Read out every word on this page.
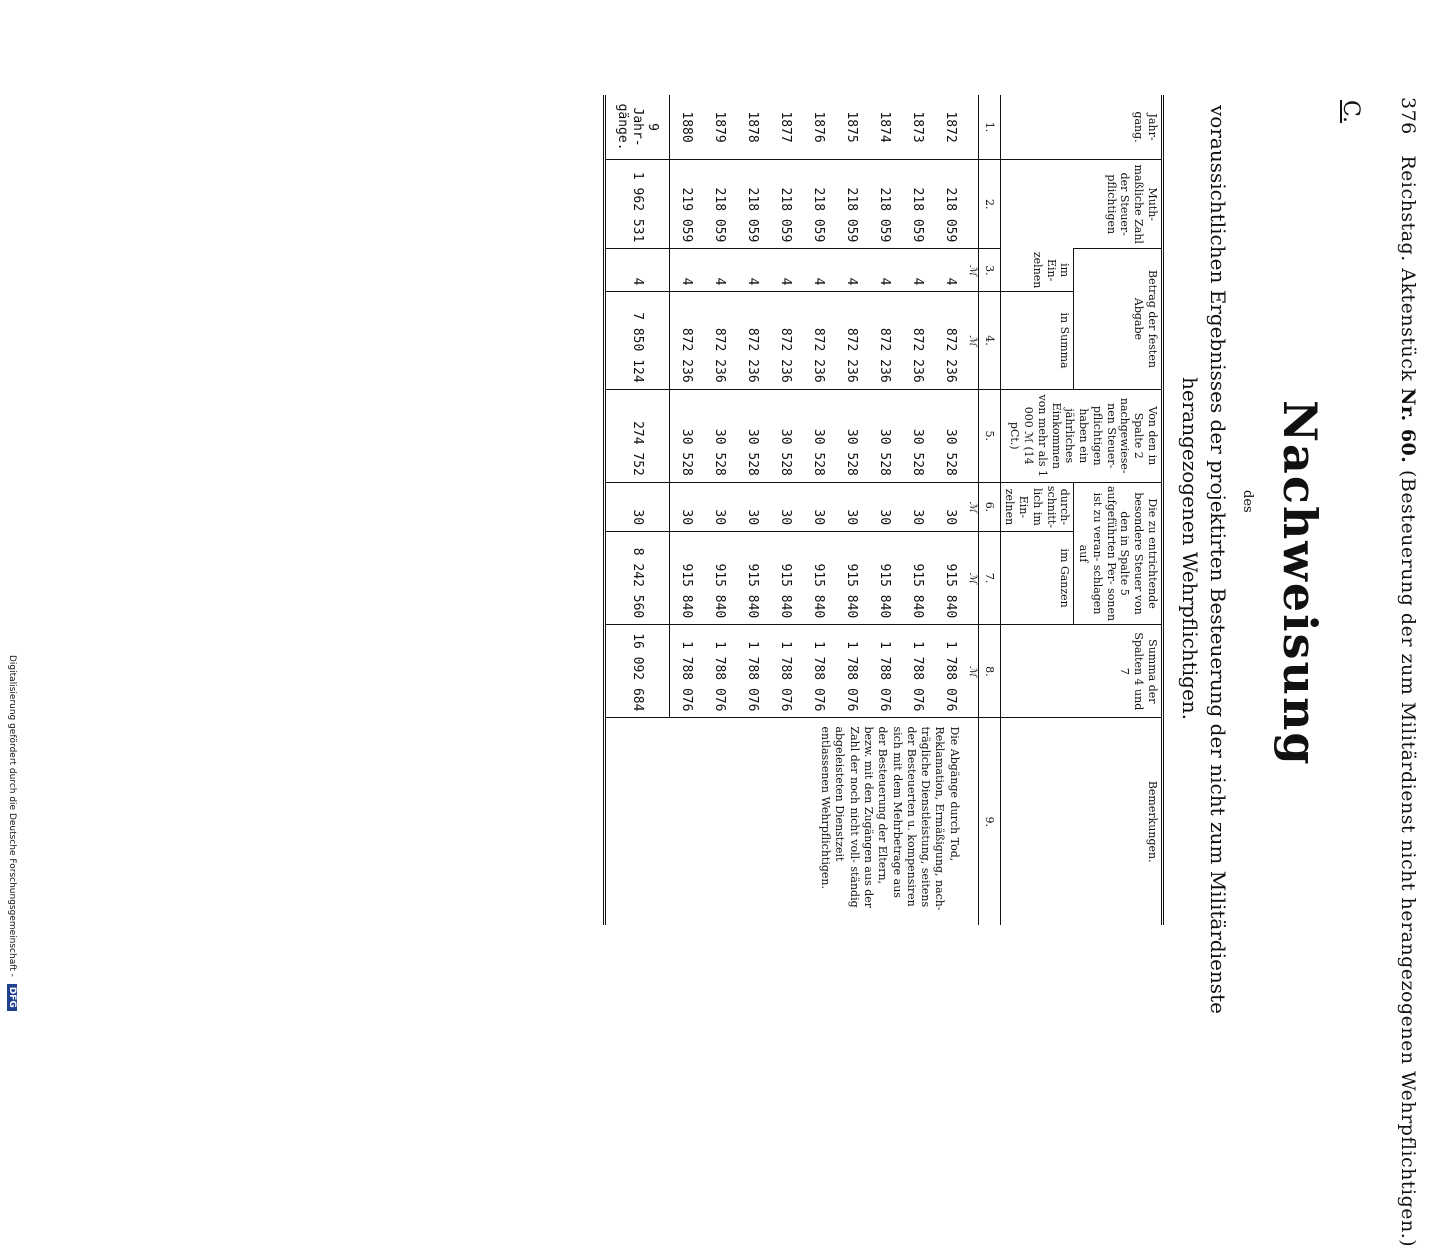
376 Reichstag. Aktenstück Nr. 60. (Besteuerung der zum Militärdienst nicht herangezogenen Wehrpflichtigen.)
C.
Nachweisung
des
voraussichtlichen Ergebnisses der projektirten Besteuerung der nicht zum Militärdienste
herangezogenen Wehrpflichtigen.
Jahr- gang.	Muth- maßliche Zahl der Steuer- pflichtigen	Betrag der festen Abgabe		Von den in Spalte 2 nachgewiese- nen Steuer- pflichtigen haben ein jährliches Einkommen von mehr als 1 000 ℳ (14 pCt.)	Die zu entrichtende besondere Steuer von den in Spalte 5 aufgeführten Per- sonen ist zu veran- schlagen auf		Summa der Spalten 4 und 7	Bemerkungen.
		im Ein- zelnen	in Summa		durch- schnitt- lich im Ein- zelnen	im Ganzen		
1.	2.	3.	4.	5.	6.	7.	8.	9.
		ℳ	ℳ		ℳ	ℳ	ℳ	
1872	218 059	4	872 236	30 528	30	915 840	1 788 076	Die Abgänge durch Tod, Reklamation, Ermäßigung, nach- trägliche Dienstleistung, seitens der Besteuerten u. kompensiren sich mit dem Mehrbetrage aus der Besteuerung der Eltern, bezw. mit den Zugängen aus der Zahl der noch nicht voll- ständig abgeleisteten Dienstzeit entlassenen Wehrpflichtigen.
1873	218 059	4	872 236	30 528	30	915 840	1 788 076	
1874	218 059	4	872 236	30 528	30	915 840	1 788 076	
1875	218 059	4	872 236	30 528	30	915 840	1 788 076	
1876	218 059	4	872 236	30 528	30	915 840	1 788 076	
1877	218 059	4	872 236	30 528	30	915 840	1 788 076	
1878	218 059	4	872 236	30 528	30	915 840	1 788 076	
1879	218 059	4	872 236	30 528	30	915 840	1 788 076	
1880	219 059	4	872 236	30 528	30	915 840	1 788 076	
9 Jahr- gänge.	1 962 531	4	7 850 124	274 752	30	8 242 560	16 092 684	
Digitalisierung gefördert durch die Deutsche Forschungsgemeinschaft - DFG
